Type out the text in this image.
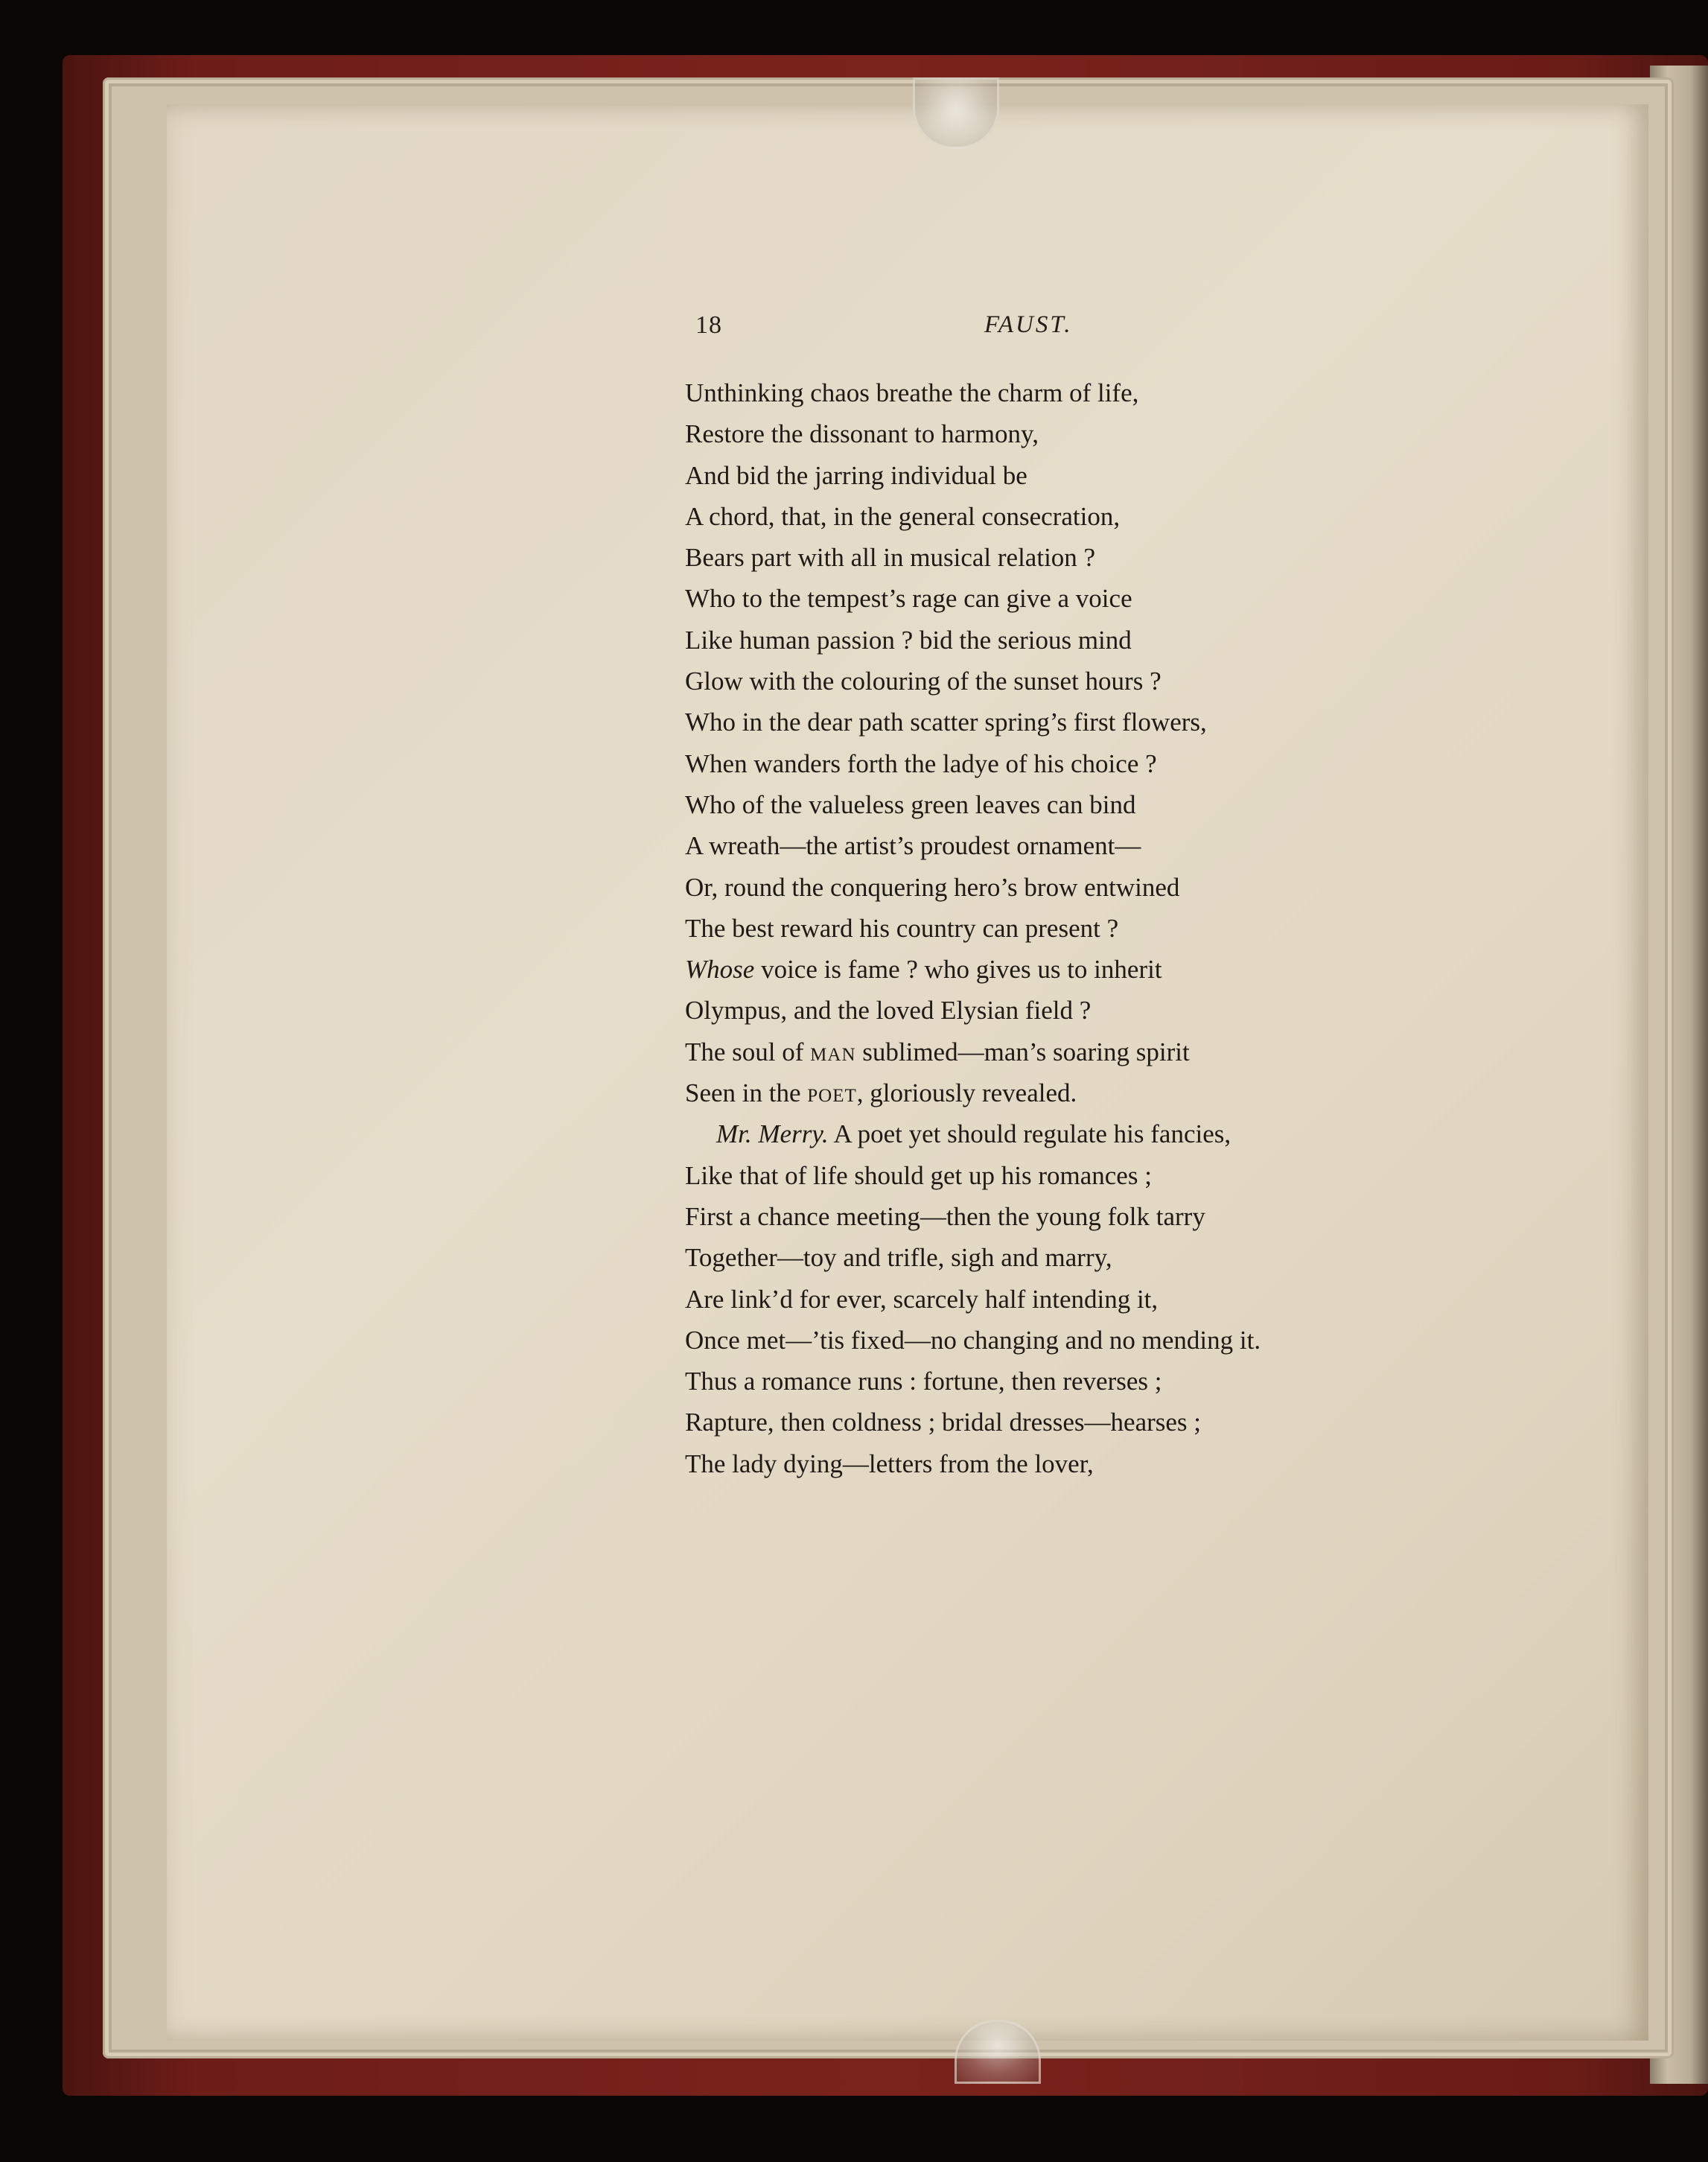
18	FAUST.
Unthinking chaos breathe the charm of life,
Restore the dissonant to harmony,
And bid the jarring individual be
A chord, that, in the general consecration,
Bears part with all in musical relation ?
Who to the tempest’s rage can give a voice
Like human passion ? bid the serious mind
Glow with the colouring of the sunset hours ?
Who in the dear path scatter spring’s first flowers,
When wanders forth the ladye of his choice ?
Who of the valueless green leaves can bind
A wreath—the artist’s proudest ornament—
Or, round the conquering hero’s brow entwined
The best reward his country can present ?
Whose voice is fame ? who gives us to inherit
Olympus, and the loved Elysian field ?
The soul of man sublimed—man’s soaring spirit
Seen in the poet, gloriously revealed.
Mr. Merry. A poet yet should regulate his fancies,
Like that of life should get up his romances ;
First a chance meeting—then the young folk tarry
Together—toy and trifle, sigh and marry,
Are link’d for ever, scarcely half intending it,
Once met—’tis fixed—no changing and no mending it.
Thus a romance runs : fortune, then reverses ;
Rapture, then coldness ; bridal dresses—hearses ;
The lady dying—letters from the lover,
